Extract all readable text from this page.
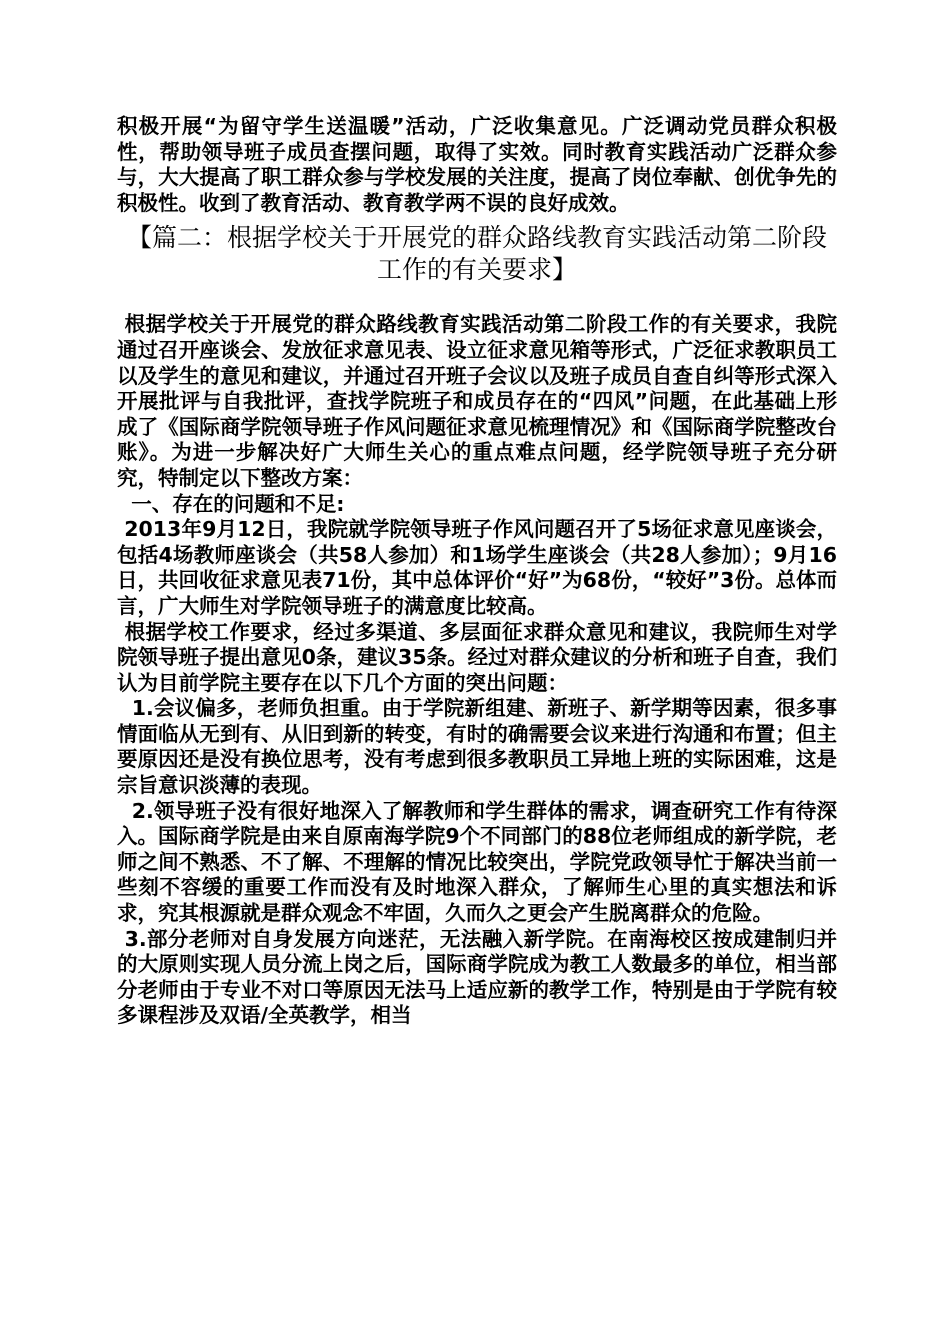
积极开展“为留守学生送温暖”活动，广泛收集意见。广泛调动党员群众积极性，帮助领导班子成员查摆问题，取得了实效。同时教育实践活动广泛群众参与，大大提高了职工群众参与学校发展的关注度，提高了岗位奉献、创优争先的积极性。收到了教育活动、教育教学两不误的良好成效。

【篇二：根据学校关于开展党的群众路线教育实践活动第二阶段工作的有关要求】

根据学校关于开展党的群众路线教育实践活动第二阶段工作的有关要求，我院通过召开座谈会、发放征求意见表、设立征求意见箱等形式，广泛征求教职员工以及学生的意见和建议，并通过召开班子会议以及班子成员自查自纠等形式深入开展批评与自我批评，查找学院班子和成员存在的“四风”问题，在此基础上形成了《国际商学院领导班子作风问题征求意见梳理情况》和《国际商学院整改台账》。为进一步解决好广大师生关心的重点难点问题，经学院领导班子充分研究，特制定以下整改方案：

一、存在的问题和不足:

2013年9月12日，我院就学院领导班子作风问题召开了5场征求意见座谈会，包括4场教师座谈会（共58人参加）和1场学生座谈会（共28人参加）；9月16日，共回收征求意见表71份，其中总体评价“好”为68份，“较好”3份。总体而言，广大师生对学院领导班子的满意度比较高。

根据学校工作要求，经过多渠道、多层面征求群众意见和建议，我院师生对学院领导班子提出意见0条，建议35条。经过对群众建议的分析和班子自查，我们认为目前学院主要存在以下几个方面的突出问题：

1.会议偏多，老师负担重。由于学院新组建、新班子、新学期等因素，很多事情面临从无到有、从旧到新的转变，有时的确需要会议来进行沟通和布置；但主要原因还是没有换位思考，没有考虑到很多教职员工异地上班的实际困难，这是宗旨意识淡薄的表现。

2.领导班子没有很好地深入了解教师和学生群体的需求，调查研究工作有待深入。国际商学院是由来自原南海学院9个不同部门的88位老师组成的新学院，老师之间不熟悉、不了解、不理解的情况比较突出，学院党政领导忙于解决当前一些刻不容缓的重要工作而没有及时地深入群众，了解师生心里的真实想法和诉求，究其根源就是群众观念不牢固，久而久之更会产生脱离群众的危险。

3.部分老师对自身发展方向迷茫，无法融入新学院。在南海校区按成建制归并的大原则实现人员分流上岗之后，国际商学院成为教工人数最多的单位，相当部分老师由于专业不对口等原因无法马上适应新的教学工作，特别是由于学院有较多课程涉及双语/全英教学，相当
